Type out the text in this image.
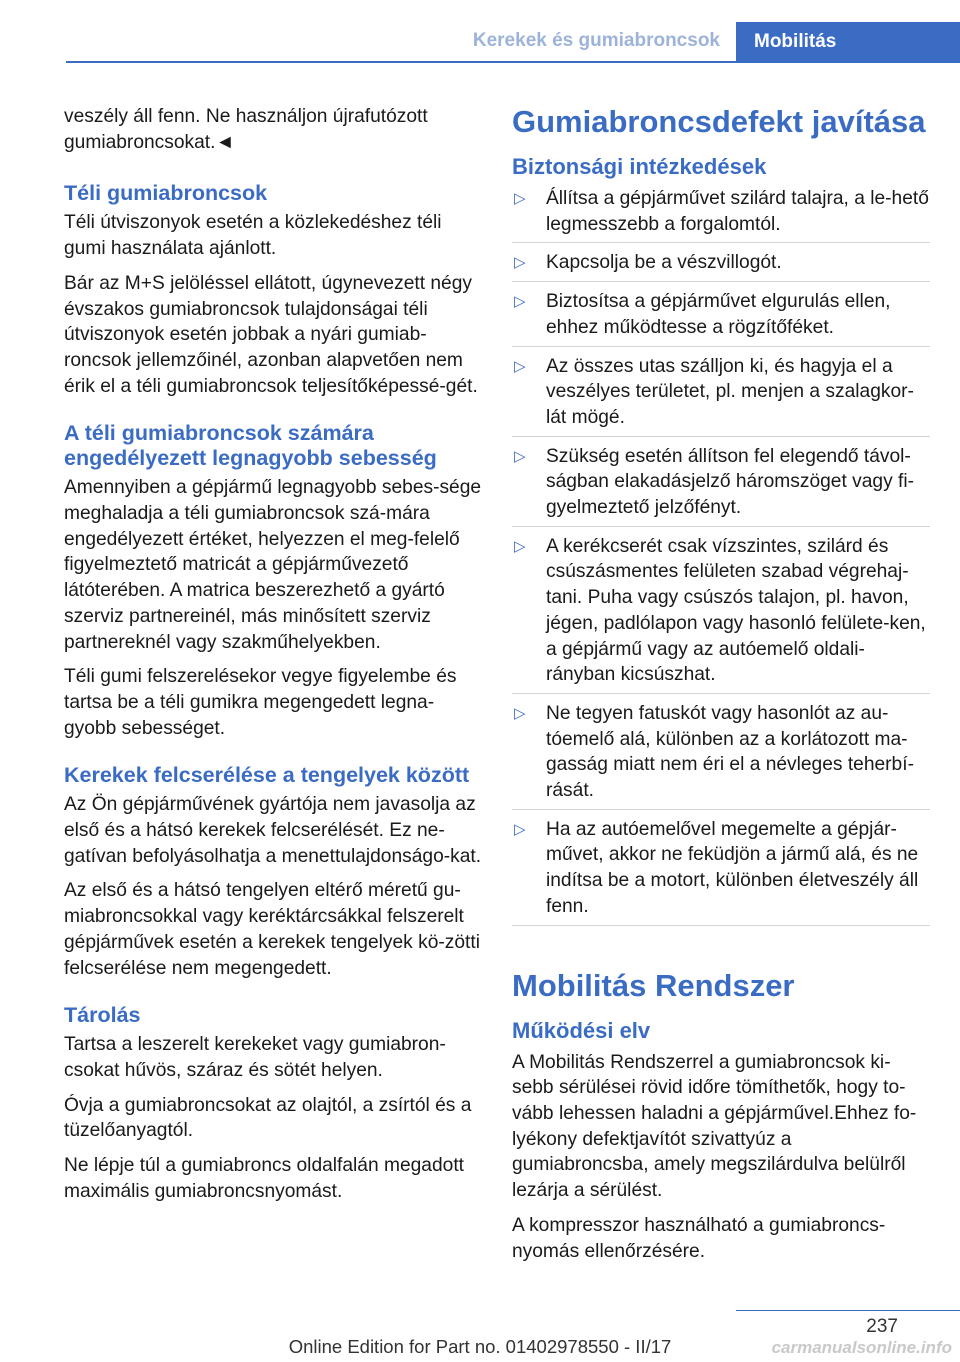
Kerekek és gumiabroncsok	Mobilitás

veszély áll fenn. Ne használjon újrafutózott gumiabroncsokat.◄

Téli gumiabroncsok

Téli útviszonyok esetén a közlekedéshez téli gumi használata ajánlott.

Bár az M+S jelöléssel ellátott, úgynevezett négy évszakos gumiabroncsok tulajdonságai téli útviszonyok esetén jobbak a nyári gumiab-roncsok jellemzőinél, azonban alapvetően nem érik el a téli gumiabroncsok teljesítőképessé-gét.

A téli gumiabroncsok számára engedélyezett legnagyobb sebesség

Amennyiben a gépjármű legnagyobb sebes-sége meghaladja a téli gumiabroncsok szá-mára engedélyezett értéket, helyezzen el meg-felelő figyelmeztető matricát a gépjárművezető látóterében. A matrica beszerezhető a gyártó szerviz partnereinél, más minősített szerviz partnereknél vagy szakműhelyekben.

Téli gumi felszerelésekor vegye figyelembe és tartsa be a téli gumikra megengedett legna-gyobb sebességet.

Kerekek felcserélése a tengelyek között

Az Ön gépjárművének gyártója nem javasolja az első és a hátsó kerekek felcserélését. Ez ne-gatívan befolyásolhatja a menettulajdonságo-kat.

Az első és a hátsó tengelyen eltérő méretű gu-miabroncsokkal vagy keréktárcsákkal felszerelt gépjárművek esetén a kerekek tengelyek kö-zötti felcserélése nem megengedett.

Tárolás

Tartsa a leszerelt kerekeket vagy gumiabron-csokat hűvös, száraz és sötét helyen.

Óvja a gumiabroncsokat az olajtól, a zsírtól és a tüzelőanyagtól.

Ne lépje túl a gumiabroncs oldalfalán megadott maximális gumiabroncsnyomást.

Gumiabroncsdefekt javítása
Biztonsági intézkedések
▷ Állítsa a gépjárművet szilárd talajra, a le-hető legmesszebb a forgalomtól.
▷ Kapcsolja be a vészvillogót.
▷ Biztosítsa a gépjárművet elgurulás ellen, ehhez működtesse a rögzítőféket.
▷ Az összes utas szálljon ki, és hagyja el a veszélyes területet, pl. menjen a szalagkor-lát mögé.
▷ Szükség esetén állítson fel elegendő távol-ságban elakadásjelző háromszöget vagy fi-gyelmeztető jelzőfényt.
▷ A kerékcserét csak vízszintes, szilárd és csúszásmentes felületen szabad végrehaj-tani. Puha vagy csúszós talajon, pl. havon, jégen, padlólapon vagy hasonló felülete-ken, a gépjármű vagy az autóemelő oldali-rányban kicsúszhat.
▷ Ne tegyen fatuskót vagy hasonlót az au-tóemelő alá, különben az a korlátozott ma-gasság miatt nem éri el a névleges teherbí-rását.
▷ Ha az autóemelővel megemelte a gépjár-művet, akkor ne feküdjön a jármű alá, és ne indítsa be a motort, különben életveszély áll fenn.
Mobilitás Rendszer
Működési elv

A Mobilitás Rendszerrel a gumiabroncsok ki-sebb sérülései rövid időre tömíthetők, hogy to-vább lehessen haladni a gépjárművel.Ehhez fo-lyékony defektjavítót szivattyúz a gumiabroncsba, amely megszilárdulva belülről lezárja a sérülést.

A kompresszor használható a gumiabroncs-nyomás ellenőrzésére.

237
Online Edition for Part no. 01402978550 - II/17	carmanualsonline.info
